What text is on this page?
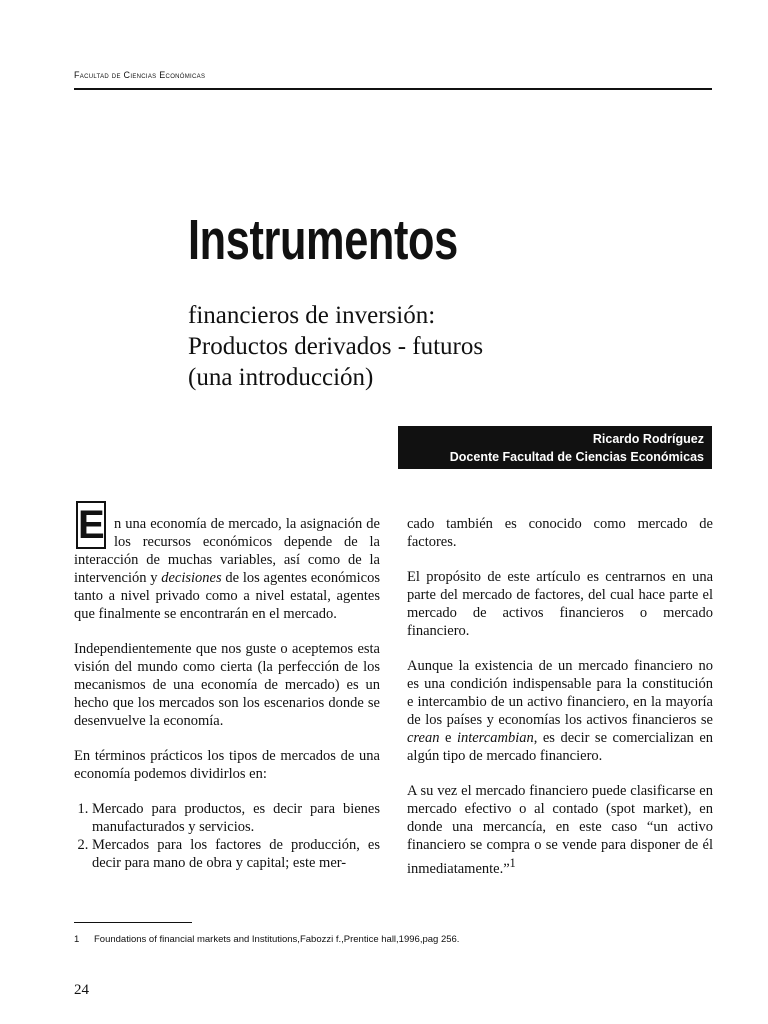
Facultad de Ciencias Económicas
Instrumentos
financieros de inversión:
Productos derivados - futuros
(una introducción)
Ricardo Rodríguez
Docente Facultad de Ciencias Económicas

E n una economía de mercado, la asignación de los recursos económicos depende de la interacción de muchas variables, así como de la intervención y decisiones de los agentes económicos tanto a nivel privado como a nivel estatal, agentes que finalmente se encontrarán en el mercado.

Independientemente que nos guste o aceptemos esta visión del mundo como cierta (la perfección de los mecanismos de una economía de mercado) es un hecho que los mercados son los escenarios donde se desenvuelve la economía.

En términos prácticos los tipos de mercados de una economía podemos dividirlos en:

1. Mercado para productos, es decir para bienes manufacturados y servicios.
2. Mercados para los factores de producción, es decir para mano de obra y capital; este mer-

cado también es conocido como mercado de factores.

El propósito de este artículo es centrarnos en una parte del mercado de factores, del cual hace parte el mercado de activos financieros o mercado financiero.

Aunque la existencia de un mercado financiero no es una condición indispensable para la constitución e intercambio de un activo financiero, en la mayoría de los países y economías los activos financieros se crean e intercambian, es decir se comercializan en algún tipo de mercado financiero.

A su vez el mercado financiero puede clasificarse en mercado efectivo o al contado (spot market), en donde una mercancía, en este caso “un activo financiero se compra o se vende para disponer de él inmediatamente.”$^1$

1 Foundations of financial markets and Institutions,Fabozzi f.,Prentice hall,1996,pag 256.
24
